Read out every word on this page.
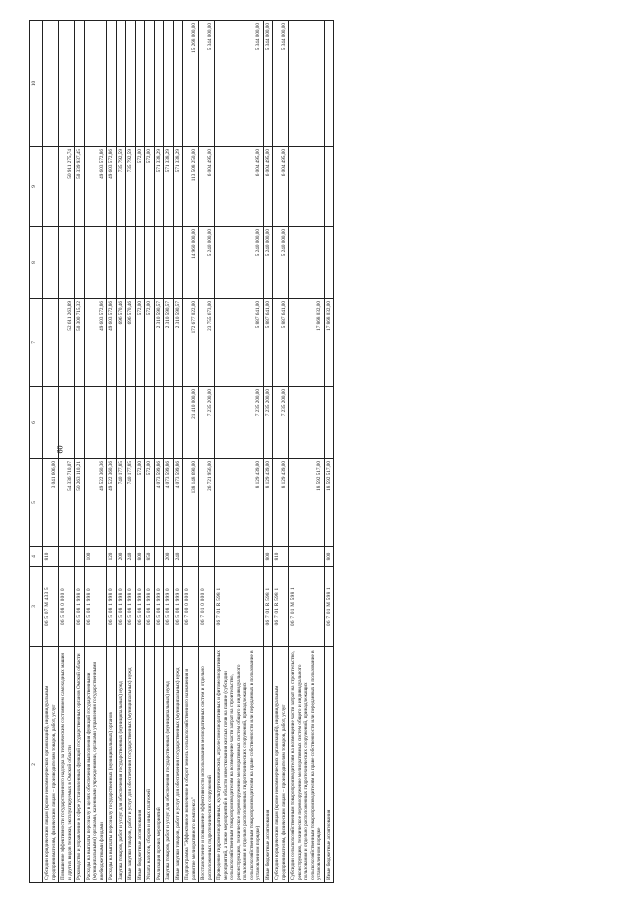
60
2	3	4	5	6	7	8	9	10
Субсидии юридическим лицам (кроме некоммерческих организаций), индивидуальным предпринимателям, физическим лицам – производителям товаров, работ, услуг	06 5 07 М 433 5	810	3 041 606,00					
Повышение эффективности государственного надзора за техническим состоянием самоходных машин и других видов техники, эксплуатируемых в Омской области	06 5 08 0 000 0		54 336 710,07		52 611 263,89		50 911 275,74	
Руководство и управление в сфере установленных функций государственных органов Омской области	06 5 08 1 998 0		50 263 110,21		50 300 715,32		50 339 937,45	
Расходы на выплаты персоналу в целях обеспечения выполнения функций государственными (муниципальными) органами, казенными учреждениями, органами управления государственными внебюджетными фондами	06 5 08 1 998 0	100	49 522 360,36		49 603 572,86		49 603 572,86	
Расходы на выплаты персоналу государственных (муниципальных) органов	06 5 08 1 998 0	120	49 522 360,36		49 603 572,86		49 603 572,86	
Закупка товаров, работ и услуг для обеспечения государственных (муниципальных) нужд	06 5 08 1 998 0	200	740 177,85		696 570,46		735 792,59	
Иные закупки товаров, работ и услуг для обеспечения государственных (муниципальных) нужд	06 5 08 1 998 0	240	740 177,85		696 570,46		735 792,59	
Иные бюджетные ассигнования	06 5 08 1 998 0	800	572,00		572,00		572,00	
Уплата налогов, сборов и иных платежей	06 5 08 1 998 0	850	572,00		572,00		572,00	
Реализация прочих мероприятий	06 5 08 1 999 0		4 073 599,86		2 310 590,57		571 338,29	
Закупка товаров, работ и услуг для обеспечения государственных (муниципальных) нужд	06 5 08 1 999 0	200	4 073 599,86		2 310 590,57		571 338,29	
Иные закупки товаров, работ и услуг для обеспечения государственных (муниципальных) нужд	06 5 08 1 999 0	240	4 073 599,86		2 310 590,57		571 338,29	
Подпрограмма "Эффективное вовлечение в оборот земель сельскохозяйственного назначения и развитие мелиоративного комплекса"	06 7 00 0 000 0		138 148 690,00	21 410 000,00	172 677 022,00	14 960 000,00	113 508 250,00	15 268 000,00
Восстановление и повышение эффективности использования мелиоративных систем и отдельно расположенных гидротехнических сооружений	06 7 01 0 000 0		26 721 956,00	7 235 200,00	23 755 673,00	5 240 000,00	6 004 495,00	5 344 000,00
Проведение гидромелиоративных, культуртехнических, агролесомелиоративных и фитомелиоративных мероприятий, а также мероприятий в области известкования кислых почв на пашне (субсидии сельскохозяйственным товаропроизводителям на возмещение части затрат на строительство, реконструкцию, техническое перевооружение мелиоративных систем общего и индивидуального пользования и отдельно расположенных гидротехнических сооружений, принадлежащих сельскохозяйственным товаропроизводителям на праве собственности или переданных в пользование в установленном порядке)	06 7 01 R 598 1		8 129 439,00	7 235 200,00	5 887 641,00	5 240 000,00	6 004 495,00	5 344 000,00
Иные бюджетные ассигнования	06 7 01 R 598 1	800	8 129 439,00	7 235 200,00	5 887 641,00	5 240 000,00	6 004 495,00	5 344 000,00
Субсидии юридическим лицам (кроме некоммерческих организаций), индивидуальным предпринимателям, физическим лицам – производителям товаров, работ, услуг	06 7 01 R 598 1	810	8 129 439,00	7 235 200,00	5 887 641,00	5 240 000,00	6 004 495,00	5 344 000,00
Субсидии сельскохозяйственным товаропроизводителям на возмещение части затрат на строительство, реконструкцию, техническое перевооружение мелиоративных систем общего и индивидуального пользования и отдельно расположенных гидротехнических сооружений, принадлежащих сельскохозяйственным товаропроизводителям на праве собственности или переданных в пользование в установленном порядке	06 7 01 М 598 1		18 592 517,00		17 868 032,00			
Иные бюджетные ассигнования	06 7 01 М 598 1	800	18 592 517,00		17 868 032,00			
